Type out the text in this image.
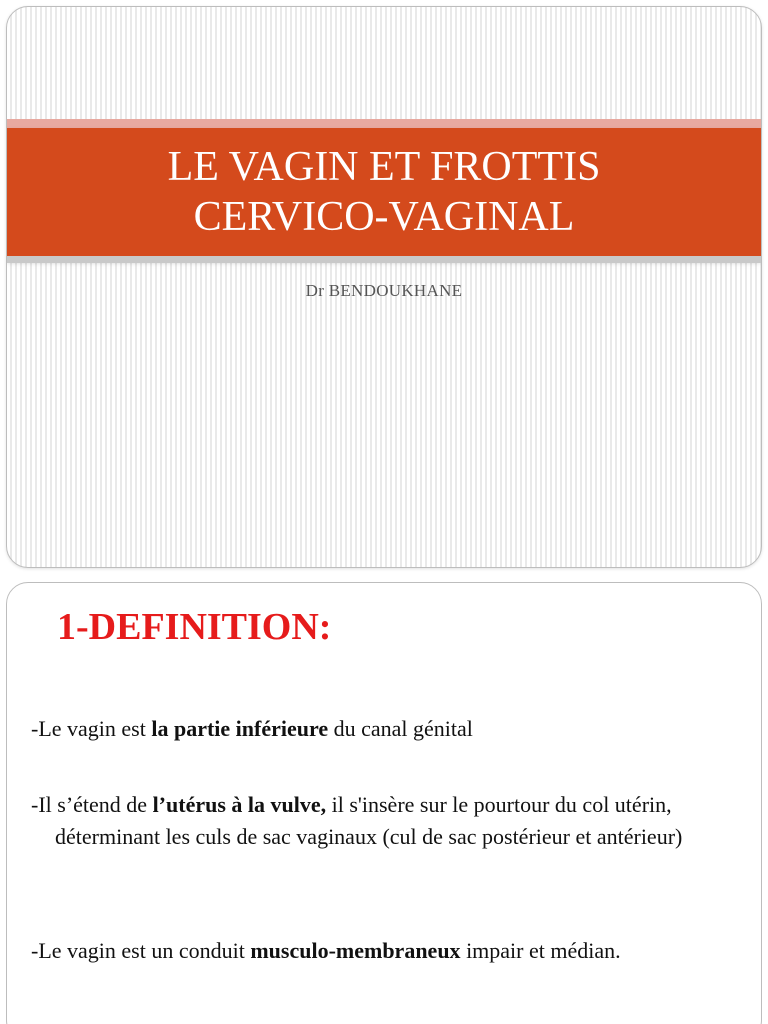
LE VAGIN ET FROTTIS
CERVICO-VAGINAL
Dr BENDOUKHANE
1-DEFINITION:

-Le vagin est la partie inférieure du canal génital

-Il s’étend de l’utérus à la vulve, il s'insère sur le pourtour du col utérin, déterminant les culs de sac vaginaux (cul de sac postérieur et antérieur)

-Le vagin est un conduit musculo-membraneux impair et médian.
